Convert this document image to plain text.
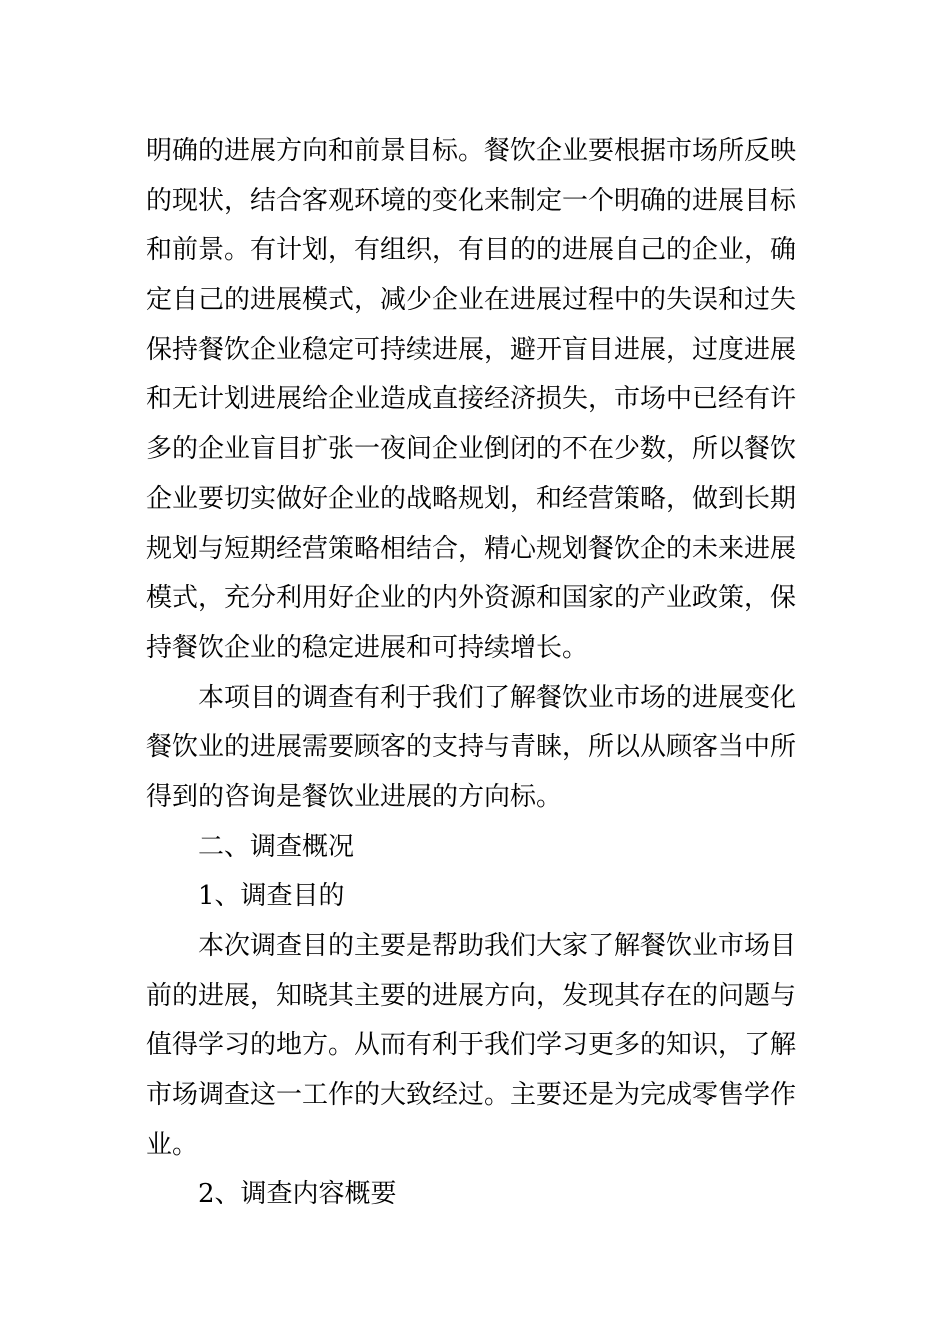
明确的进展方向和前景目标。餐饮企业要根据市场所反映
的现状，结合客观环境的变化来制定一个明确的进展目标
和前景。有计划，有组织，有目的的进展自己的企业，确
定自己的进展模式，减少企业在进展过程中的失误和过失
保持餐饮企业稳定可持续进展，避开盲目进展，过度进展
和无计划进展给企业造成直接经济损失，市场中已经有许
多的企业盲目扩张一夜间企业倒闭的不在少数，所以餐饮
企业要切实做好企业的战略规划，和经营策略，做到长期
规划与短期经营策略相结合，精心规划餐饮企的未来进展
模式，充分利用好企业的内外资源和国家的产业政策，保
持餐饮企业的稳定进展和可持续增长。
本项目的调查有利于我们了解餐饮业市场的进展变化
餐饮业的进展需要顾客的支持与青睐，所以从顾客当中所
得到的咨询是餐饮业进展的方向标。
二、调查概况
1、调查目的
本次调查目的主要是帮助我们大家了解餐饮业市场目
前的进展，知晓其主要的进展方向，发现其存在的问题与
值得学习的地方。从而有利于我们学习更多的知识，了解
市场调查这一工作的大致经过。主要还是为完成零售学作
业。
2、调查内容概要
